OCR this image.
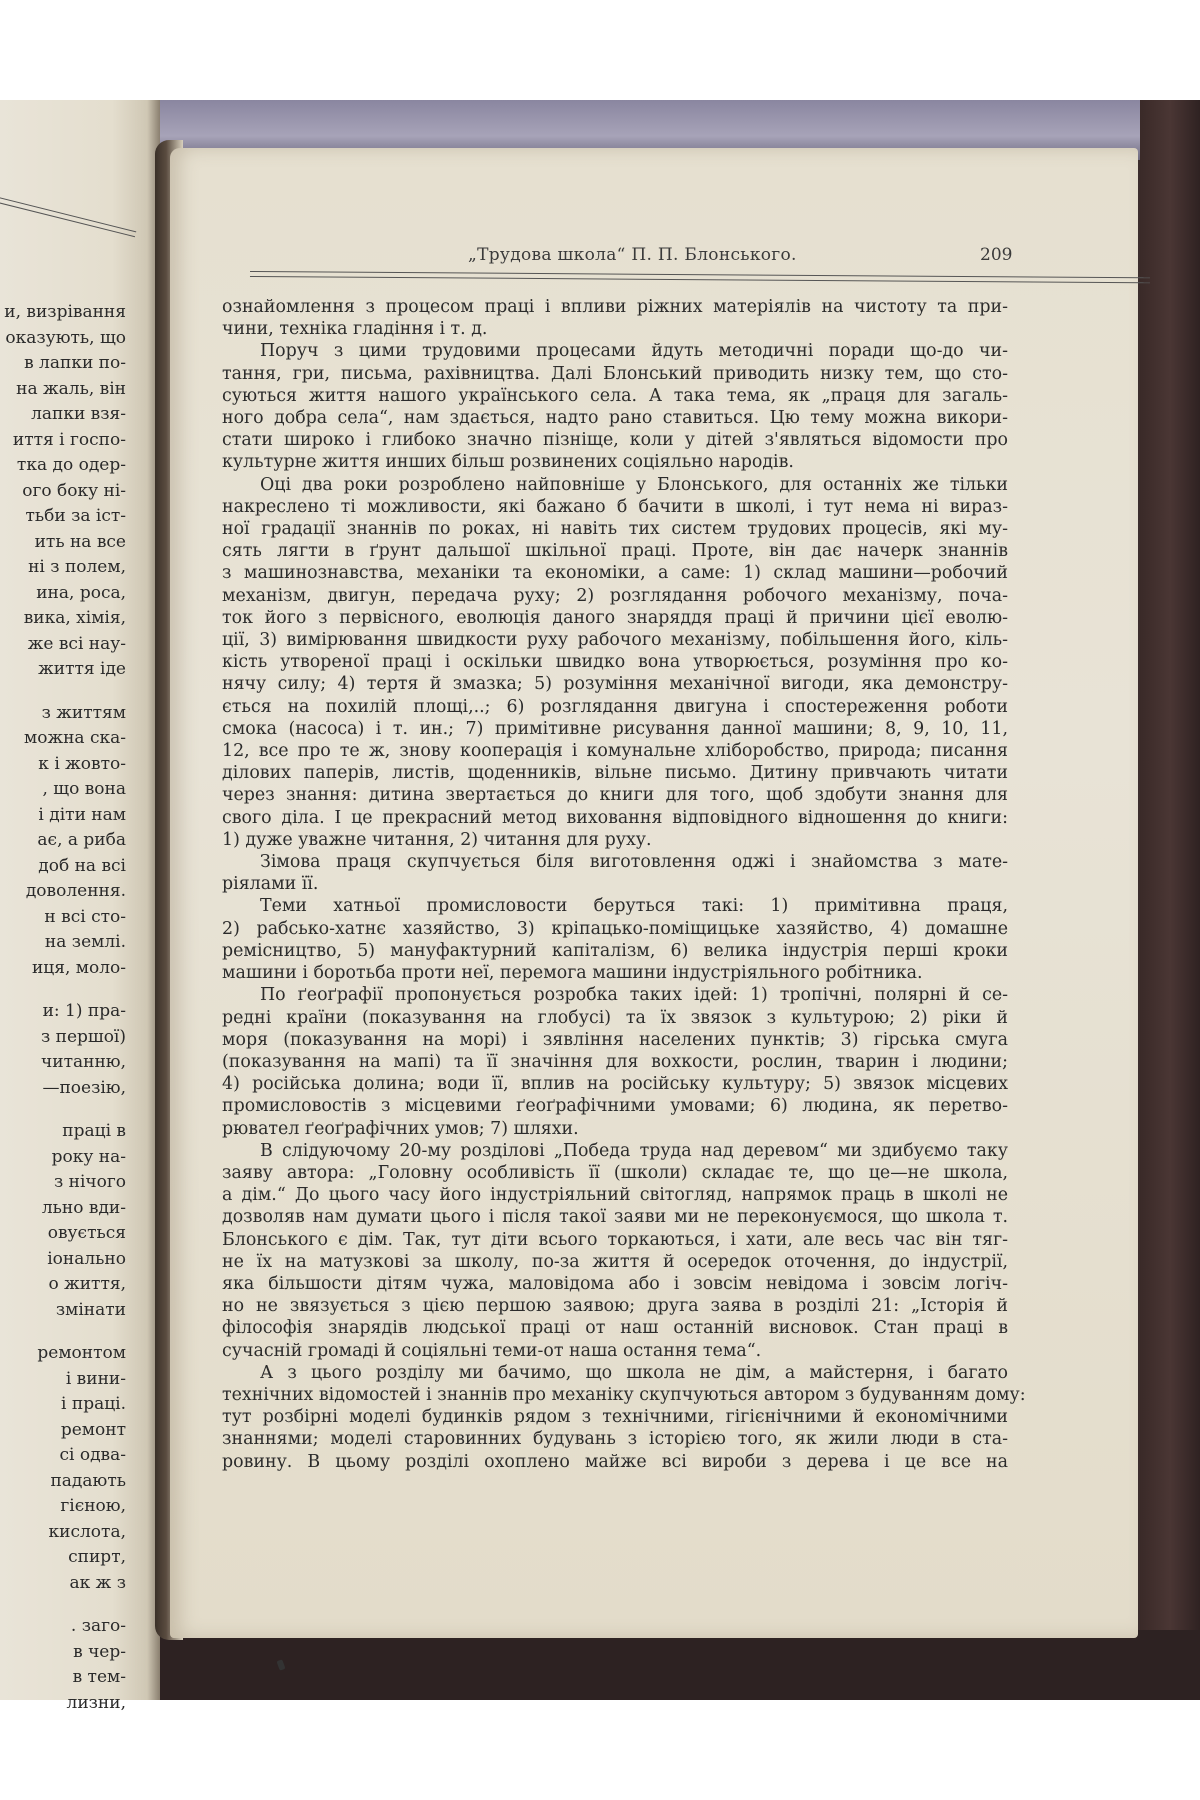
и, визрівання
оказують, що
в лапки по-
на жаль, він
лапки взя-
иття і госпо-
тка до одер-
ого боку ні-
тьби за іст-
ить на все
ні з полем,
ина, роса,
вика, хімія,
же всі нау-
життя іде
з життям
можна ска-
к і жовто-
, що вона
і діти нам
ає, а риба
доб на всі
доволення.
н всі сто-
на землі.
иця, моло-
и: 1) пра-
з першої)
читанню,
—поезію,
праці в
року на-
з нічого
льно вди-
овується
іонально
о життя,
змінати
ремонтом
і вини-
і праці.
ремонт
сі одва-
падають
гієною,
кислота,
спирт,
ак ж з
. заго-
в чер-
в тем-
лизни,
„Трудова школа“ П. П. Блонського.	209
ознайомлення з процесом праці і впливи ріжних матеріялів на чистоту та при-
чини, техніка гладіння і т. д.
Поруч з цими трудовими процесами йдуть методичні поради що-до чи-
тання, гри, письма, рахівництва. Далі Блонський приводить низку тем, що сто-
суються життя нашого українського села. А така тема, як „праця для загаль-
ного добра села“, нам здається, надто рано ставиться. Цю тему можна викори-
стати широко і глибоко значно пізніще, коли у дітей з'являться відомости про
культурне життя инших більш розвинених соціяльно народів.
Оці два роки розроблено найповніше у Блонського, для останніх же тільки
накреслено ті можливости, які бажано б бачити в школі, і тут нема ні вираз-
ної градації знаннів по роках, ні навіть тих систем трудових процесів, які му-
сять лягти в ґрунт дальшої шкільної праці. Проте, він дає начерк знаннів
з машинознавства, механіки та економіки, а саме: 1) склад машини—робочий
механізм, двигун, передача руху; 2) розглядання робочого механізму, поча-
ток його з первісного, еволюція даного знаряддя праці й причини цієї еволю-
ції, 3) вимірювання швидкости руху рабочого механізму, побільшення його, кіль-
кість утвореної праці і оскільки швидко вона утворюється, розуміння про ко-
нячу силу; 4) тертя й змазка; 5) розуміння механічної вигоди, яка демонстру-
ється на похилій площі,..; 6) розглядання двигуна і спостереження роботи
смока (насоса) і т. ин.; 7) примітивне рисування данної машини; 8, 9, 10, 11,
12, все про те ж, знову кооперація і комунальне хліборобство, природа; писання
ділових паперів, листів, щоденників, вільне письмо. Дитину привчають читати
через знання: дитина звертається до книги для того, щоб здобути знання для
свого діла. І це прекрасний метод виховання відповідного відношення до книги:
1) дуже уважне читання, 2) читання для руху.
Зімова праця скупчується біля виготовлення оджі і знайомства з мате-
ріялами її.
Теми хатньої промисловости беруться такі: 1) примітивна праця,
2) рабсько-хатнє хазяйство, 3) кріпацько-поміщицьке хазяйство, 4) домашне
ремісництво, 5) мануфактурний капіталізм, 6) велика індустрія перші кроки
машини і боротьба проти неї, перемога машини індустріяльного робітника.
По ґеоґрафії пропонується розробка таких ідей: 1) тропічні, полярні й се-
редні країни (показування на глобусі) та їх звязок з культурою; 2) ріки й
моря (показування на морі) і зявління населених пунктів; 3) гірська смуга
(показування на мапі) та її значіння для вохкости, рослин, тварин і людини;
4) російська долина; води її, вплив на російську культуру; 5) звязок місцевих
промисловостів з місцевими ґеоґрафічними умовами; 6) людина, як перетво-
рювател ґеоґрафічних умов; 7) шляхи.
В слідуючому 20-му розділові „Победа труда над деревом“ ми здибуємо таку
заяву автора: „Головну особливість її (школи) складає те, що це—не школа,
а дім.“ До цього часу його індустріяльний світогляд, напрямок праць в школі не
дозволяв нам думати цього і після такої заяви ми не переконуємося, що школа т.
Блонського є дім. Так, тут діти всього торкаються, і хати, але весь час він тяг-
не їх на матузкові за школу, по-за життя й осередок оточення, до індустрії,
яка більшости дітям чужа, маловідома або і зовсім невідома і зовсім логіч-
но не звязується з цією першою заявою; друга заява в розділі 21: „Історія й
філософія знарядів людської праці от наш останній висновок. Стан праці в
сучасній громаді й соціяльні теми-от наша остання тема“.
А з цього розділу ми бачимо, що школа не дім, а майстерня, і багато
технічних відомостей і знаннів про механіку скупчуються автором з будуванням дому:
тут розбірні моделі будинків рядом з технічними, гігієнічними й економічними
знаннями; моделі старовинних будувань з історією того, як жили люди в ста-
ровину. В цьому розділі охоплено майже всі вироби з дерева і це все на
